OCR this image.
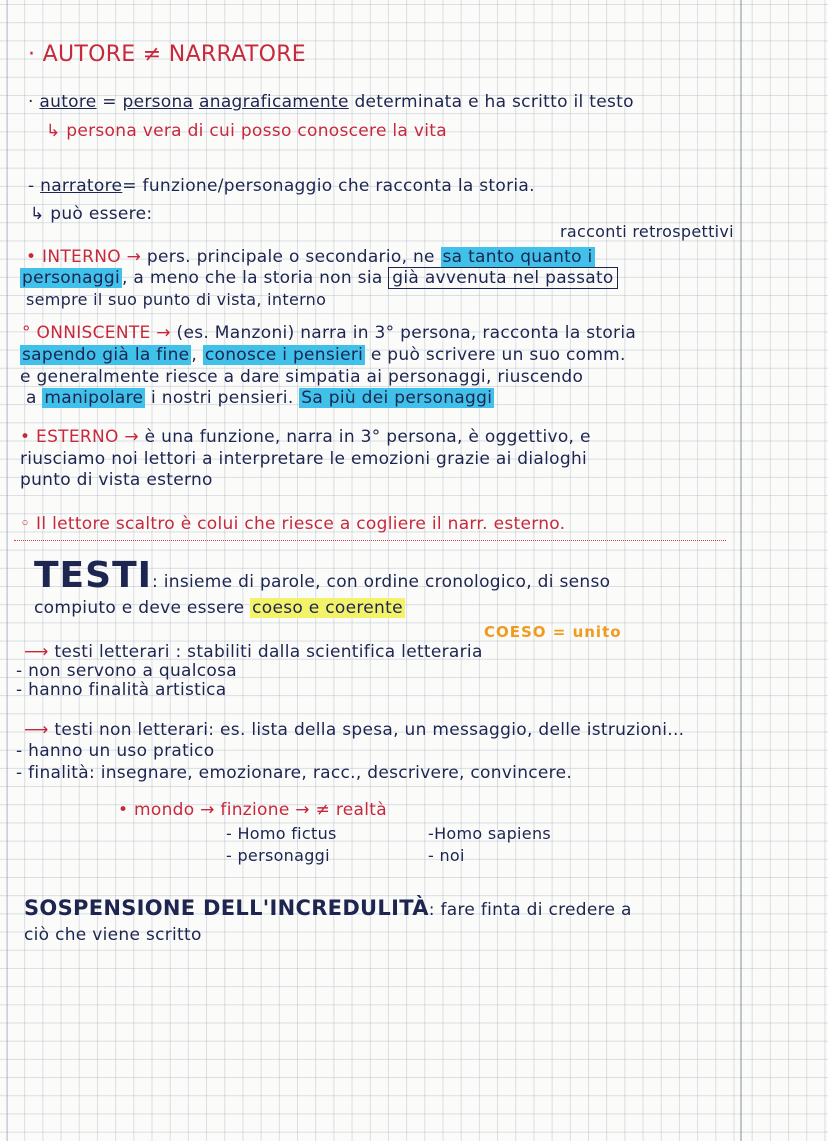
· AUTORE ≠ NARRATORE
· autore = persona anagraficamente determinata e ha scritto il testo
↳ persona vera di cui posso conoscere la vita
- narratore= funzione/personaggio che racconta la storia.
↳ può essere:
racconti retrospettivi
• INTERNO → pers. principale o secondario, ne sa tanto quanto i
personaggi , a meno che la storia non sia già avvenuta nel passato
sempre il suo punto di vista, interno
° ONNISCENTE → (es. Manzoni) narra in 3° persona, racconta la storia
sapendo già la fine , conosce i pensieri e può scrivere un suo comm.
e generalmente riesce a dare simpatia ai personaggi, riuscendo
a manipolare i nostri pensieri. Sa più dei personaggi
• ESTERNO → è una funzione, narra in 3° persona, è oggettivo, e
riusciamo noi lettori a interpretare le emozioni grazie ai dialoghi
punto di vista esterno
◦ Il lettore scaltro è colui che riesce a cogliere il narr. esterno.
TESTI: insieme di parole, con ordine cronologico, di senso
compiuto e deve essere coeso e coerente
COESO = unito
⟶ testi letterari : stabiliti dalla scientifica letteraria
- non servono a qualcosa
- hanno finalità artistica
⟶ testi non letterari: es. lista della spesa, un messaggio, delle istruzioni...
- hanno un uso pratico
- finalità: insegnare, emozionare, racc., descrivere, convincere.
• mondo → finzione → ≠ realtà
- Homo fictus
- personaggi
-Homo sapiens
- noi
SOSPENSIONE DELL'INCREDULITÀ: fare finta di credere a
ciò che viene scritto
